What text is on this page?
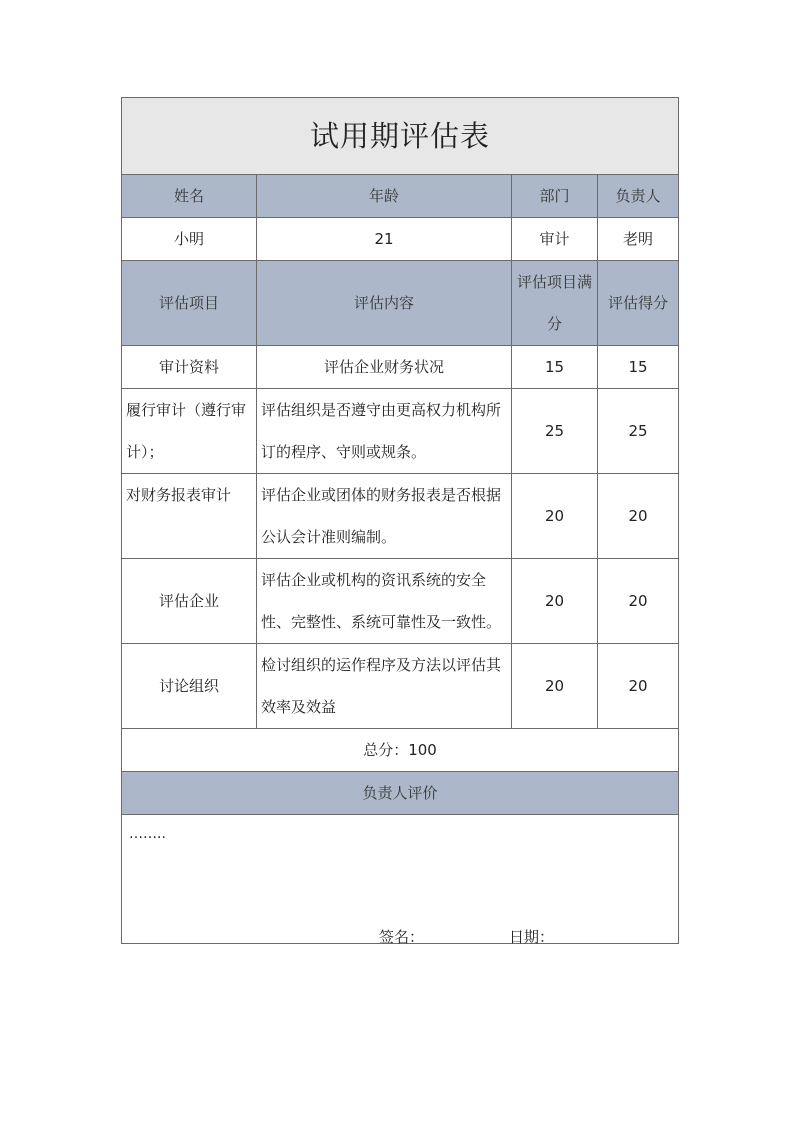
试用期评估表			
姓名	年龄	部门	负责人
小明	21	审计	老明
评估项目	评估内容	评估项目满分	评估得分
审计资料	评估企业财务状况	15	15
履行审计（遵行审计）；	评估组织是否遵守由更高权力机构所订的程序、守则或规条。	25	25
对财务报表审计	评估企业或团体的财务报表是否根据公认会计准则编制。	20	20
评估企业	评估企业或机构的资讯系统的安全性、完整性、系统可靠性及一致性。	20	20
讨论组织	检讨组织的运作程序及方法以评估其效率及效益	20	20
总分：100			
负责人评价			

……..
签名： 日期：			
